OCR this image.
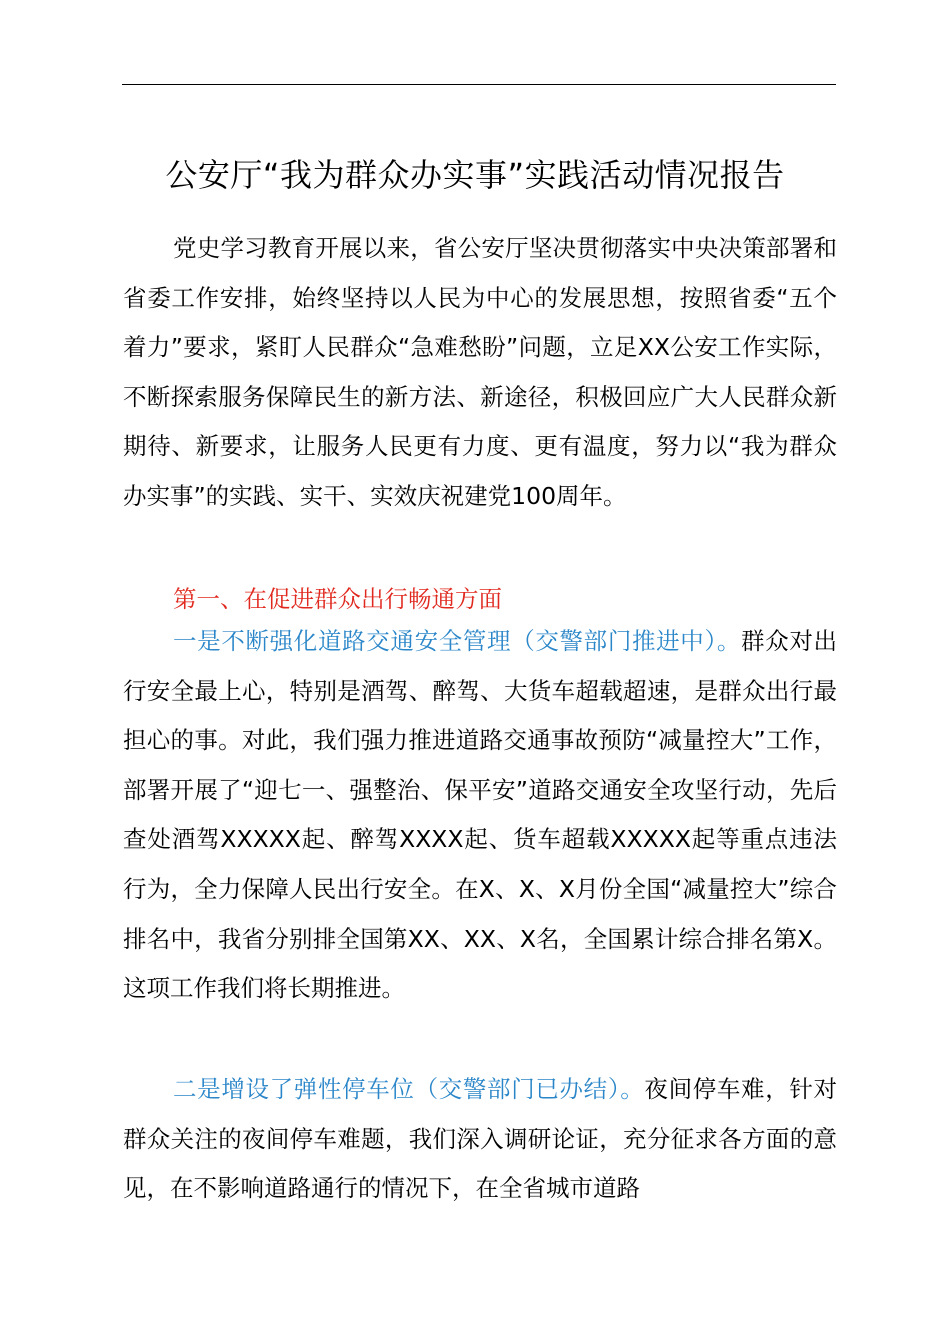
公安厅“我为群众办实事”实践活动情况报告
党史学习教育开展以来，省公安厅坚决贯彻落实中央决策部署和省委工作安排，始终坚持以人民为中心的发展思想，按照省委“五个着力”要求，紧盯人民群众“急难愁盼”问题，立足XX公安工作实际，不断探索服务保障民生的新方法、新途径，积极回应广大人民群众新期待、新要求，让服务人民更有力度、更有温度，努力以“我为群众办实事”的实践、实干、实效庆祝建党100周年。
第一、在促进群众出行畅通方面
一是不断强化道路交通安全管理（交警部门推进中）。群众对出行安全最上心，特别是酒驾、醉驾、大货车超载超速，是群众出行最担心的事。对此，我们强力推进道路交通事故预防“减量控大”工作，部署开展了“迎七一、强整治、保平安”道路交通安全攻坚行动，先后查处酒驾XXXXX起、醉驾XXXX起、货车超载XXXXX起等重点违法行为，全力保障人民出行安全。在X、X、X月份全国“减量控大”综合排名中，我省分别排全国第XX、XX、X名，全国累计综合排名第X。这项工作我们将长期推进。
二是增设了弹性停车位（交警部门已办结）。夜间停车难，针对群众关注的夜间停车难题，我们深入调研论证，充分征求各方面的意见，在不影响道路通行的情况下，在全省城市道路
